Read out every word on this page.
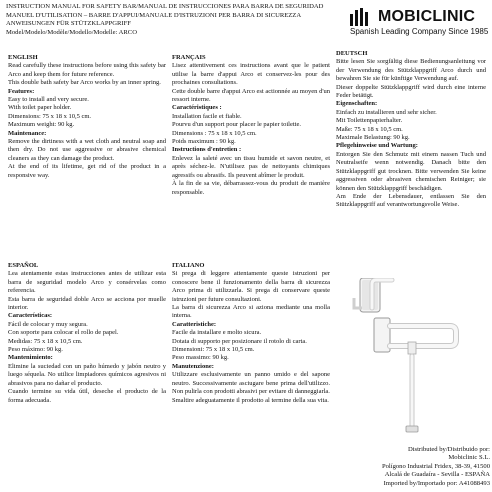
INSTRUCTION MANUAL FOR SAFETY BAR/MANUAL DE INSTRUCCIONES PARA BARRA DE SEGURIDAD
MANUEL D'UTILISATION – BARRE D'APPUI/MANUALE D'ISTRUZIONI PER BARRA DI SICUREZZA
ANWEISUNGEN FÜR STÜTZKLAPPGRIFF
Model/Modelo/Modèle/Modello/Modelle: ARCO
MOBICLINIC
Spanish Leading Company Since 1985
ENGLISH

Read carefully these instructions before using this safety bar Arco and keep them for future reference.

This double bath safety bar Arco works by an inner spring.

Features:
Easy to install and very secure.
With toilet paper holder.
Dimensions: 75 x 18 x 10,5 cm.
Maximum weight: 90 kg.
Maintenance:

Remove the dirtiness with a wet cloth and neutral soap and then dry. Do not use aggressive or abrasive chemical cleaners as they can damage the product.

At the end of its lifetime, get rid of the product in a responsive way.

ESPAÑOL

Lea atentamente estas instrucciones antes de utilizar esta barra de seguridad modelo Arco y consérvelas como referencia.

Esta barra de seguridad doble Arco se acciona por muelle interior.

Características:
Fácil de colocar y muy segura.
Con soporte para colocar el rollo de papel.
Medidas: 75 x 18 x 10,5 cm.
Peso máximo: 90 kg.
Mantenimiento:

Elimine la suciedad con un paño húmedo y jabón neutro y luego séquela. No utilice limpiadores químicos agresivos ni abrasivos para no dañar el producto.

Cuando termine su vida útil, deseche el producto de la forma adecuada.

FRANÇAIS

Lisez attentivement ces instructions avant que le patient utilise la barre d'appui Arco et conservez-les pour des prochaines consultations.

Cette double barre d'appui Arco est actionnée au moyen d'un ressort interne.

Caractéristiques :
Installation facile et fiable.
Pourvu d'un support pour placer le papier toilette.
Dimensions : 75 x 18 x 10,5 cm.
Poids maximum : 90 kg.
Instructions d'entretien :

Enlevez la saleté avec un tissu humide et savon neutre, et après séchez-le. N'utilisez pas de nettoyants chimiques agressifs ou abrasifs. Ils peuvent abîmer le produit.

À la fin de sa vie, débarrassez-vous du produit de manière responsable.

ITALIANO

Si prega di leggere attentamente queste istruzioni per conoscere bene il funzionamento della barra di sicurezza Arco prima di utilizzarla. Si prega di conservare queste istruzioni per future consultazioni.

La barra di sicurezza Arco si aziona mediante una molla interna.

Caratteristiche:
Facile da installare e molto sicura.
Dotata di supporto per posizionare il rotolo di carta.
Dimensioni: 75 x 18 x 10,5 cm.
Peso massimo: 90 kg.
Manutenzione:

Utilizzare esclusivamente un panno umido e del sapone neutro. Successivamente asciugare bene prima dell'utilizzo. Non pulirla con prodotti abrasivi per evitare di danneggiarla.

Smaltire adeguatamente il prodotto al termine della sua vita.

DEUTSCH

Bitte lesen Sie sorgfältig diese Bedienungsanleitung vor der Verwendung des Stützklappgriff Arco durch und bewahren Sie sie für künftige Verwendung auf.

Dieser doppelte Stützklappgriff wird durch eine interne Feder betätigt.

Eigenschaften:
Einfach zu installieren und sehr sicher.
Mit Toilettenpapierhalter.
Maße: 75 x 18 x 10,5 cm.
Maximale Belastung: 90 kg.
Pflegehinweise und Wartung:

Entorgen Sie den Schmutz mit einem nassen Tuch und Neutralseife wenn notwendig. Danach bitte den Stützklappgriff gut trocknen. Bitte verwenden Sie keine aggressiven oder abrasiven chemischen Reiniger; sie können den Stützklappgriff beschädigen.

Am Ende der Lebensdauer, entlassen Sie den Stützklappgriff auf verantwortungsvolle Weise.

Distributed by/Distribuido por:
Mobiclinic S.L.
Polígono Industrial Fridex, 38-39, 41500
Alcalá de Guadaíra - Sevilla - ESPAÑA
Imported by/Importado por: A41088493
